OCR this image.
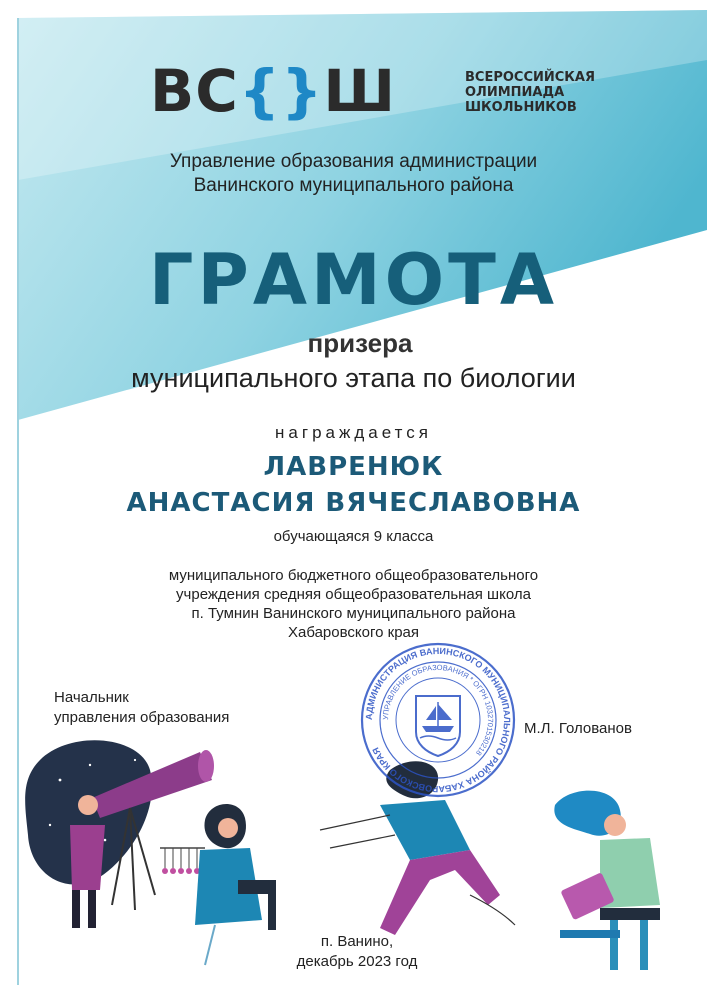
ВС{}Ш	ВСЕРОССИЙСКАЯ
ОЛИМПИАДА
ШКОЛЬНИКОВ
Управление образования администрации
Ванинского муниципального района
ГРАМОТА
призера
муниципального этапа по биологии
награждается
ЛАВРЕНЮК
АНАСТАСИЯ ВЯЧЕСЛАВОВНА
обучающаяся 9 класса
муниципального бюджетного общеобразовательного
учреждения средняя общеобразовательная школа
п. Тумнин Ванинского муниципального района
Хабаровского края
Начальник
управления образования	АДМИНИСТРАЦИЯ ВАНИНСКОГО МУНИЦИПАЛЬНОГО РАЙОНА ХАБАРОВСКОГО КРАЯ
УПРАВЛЕНИЕ ОБРАЗОВАНИЯ * ОГРН 1032701530218
М.Л. Голованов
п. Ванино,
декабрь 2023 год
